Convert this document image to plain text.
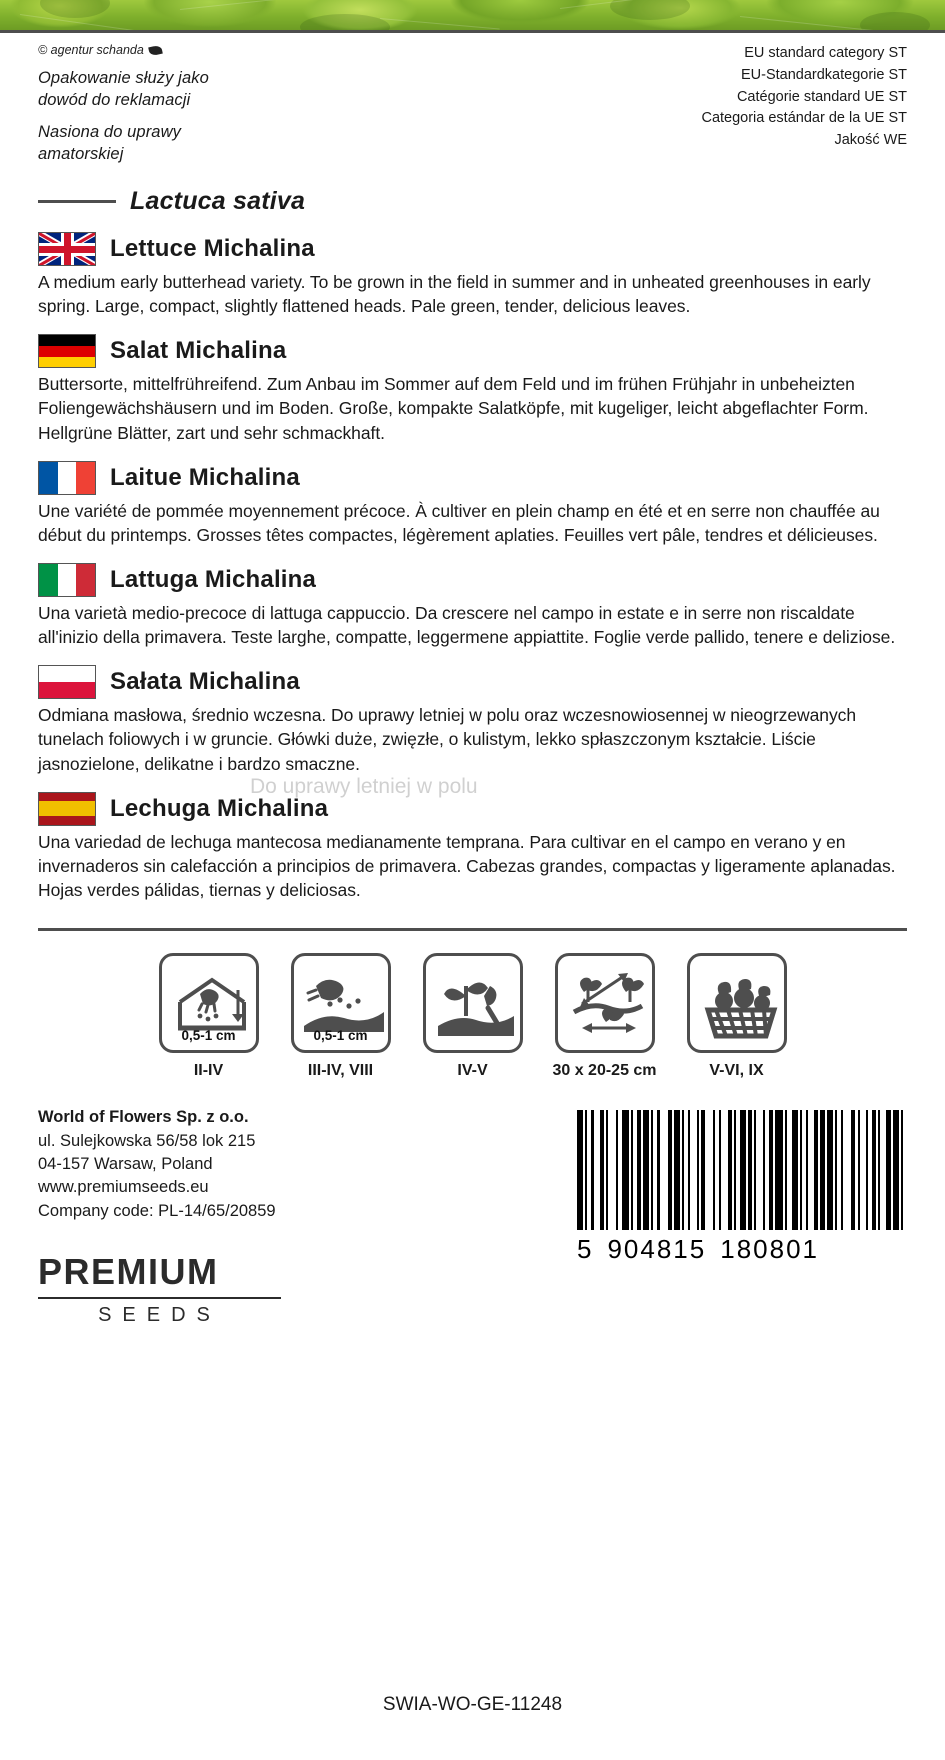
© agentur schanda
Opakowanie służy jako
dowód do reklamacji
Nasiona do uprawy
amatorskiej
EU standard category ST
EU-Standardkategorie ST
Catégorie standard UE ST
Categoria estándar de la UE ST
Jakość WE
Lactuca sativa
Lettuce Michalina
A medium early butterhead variety. To be grown in the field in summer and in unheated greenhouses in early spring. Large, compact, slightly flattened heads. Pale green, tender, delicious leaves.
Salat Michalina
Buttersorte, mittelfrühreifend. Zum Anbau im Sommer auf dem Feld und im frühen Frühjahr in unbeheizten Foliengewächshäusern und im Boden. Große, kompakte Salatköpfe, mit kugeliger, leicht abgeflachter Form. Hellgrüne Blätter, zart und sehr schmackhaft.
Laitue Michalina
Une variété de pommée moyennement précoce. À cultiver en plein champ en été et en serre non chauffée au début du printemps. Grosses têtes compactes, légèrement aplaties. Feuilles vert pâle, tendres et délicieuses.
Lattuga Michalina
Una varietà medio-precoce di lattuga cappuccio. Da crescere nel campo in estate e in serre non riscaldate all'inizio della primavera. Teste larghe, compatte, leggermene appiattite. Foglie verde pallido, tenere e deliziose.
Sałata Michalina
Odmiana masłowa, średnio wczesna. Do uprawy letniej w polu oraz wczesnowiosennej w nieogrzewanych tunelach foliowych i w gruncie. Główki duże, zwięzłe, o kulistym, lekko spłaszczonym kształcie. Liście jasnozielone, delikatne i bardzo smaczne.
Lechuga Michalina
Una variedad de lechuga mantecosa medianamente temprana. Para cultivar en el campo en verano y en invernaderos sin calefacción a principios de primavera. Cabezas grandes, compactas y ligeramente aplanadas. Hojas verdes pálidas, tiernas y deliciosas.
0,5-1 cm
II-IV
0,5-1 cm
III-IV, VIII	IV-V	30 x 20-25 cm	V-VI, IX
World of Flowers Sp. z o.o.
ul. Sulejkowska 56/58 lok 215
04-157 Warsaw, Poland
www.premiumseeds.eu
Company code: PL-14/65/20859
PREMIUM
SEEDS
5 904815 180801
Do uprawy letniej w polu
SWIA-WO-GE-11248
